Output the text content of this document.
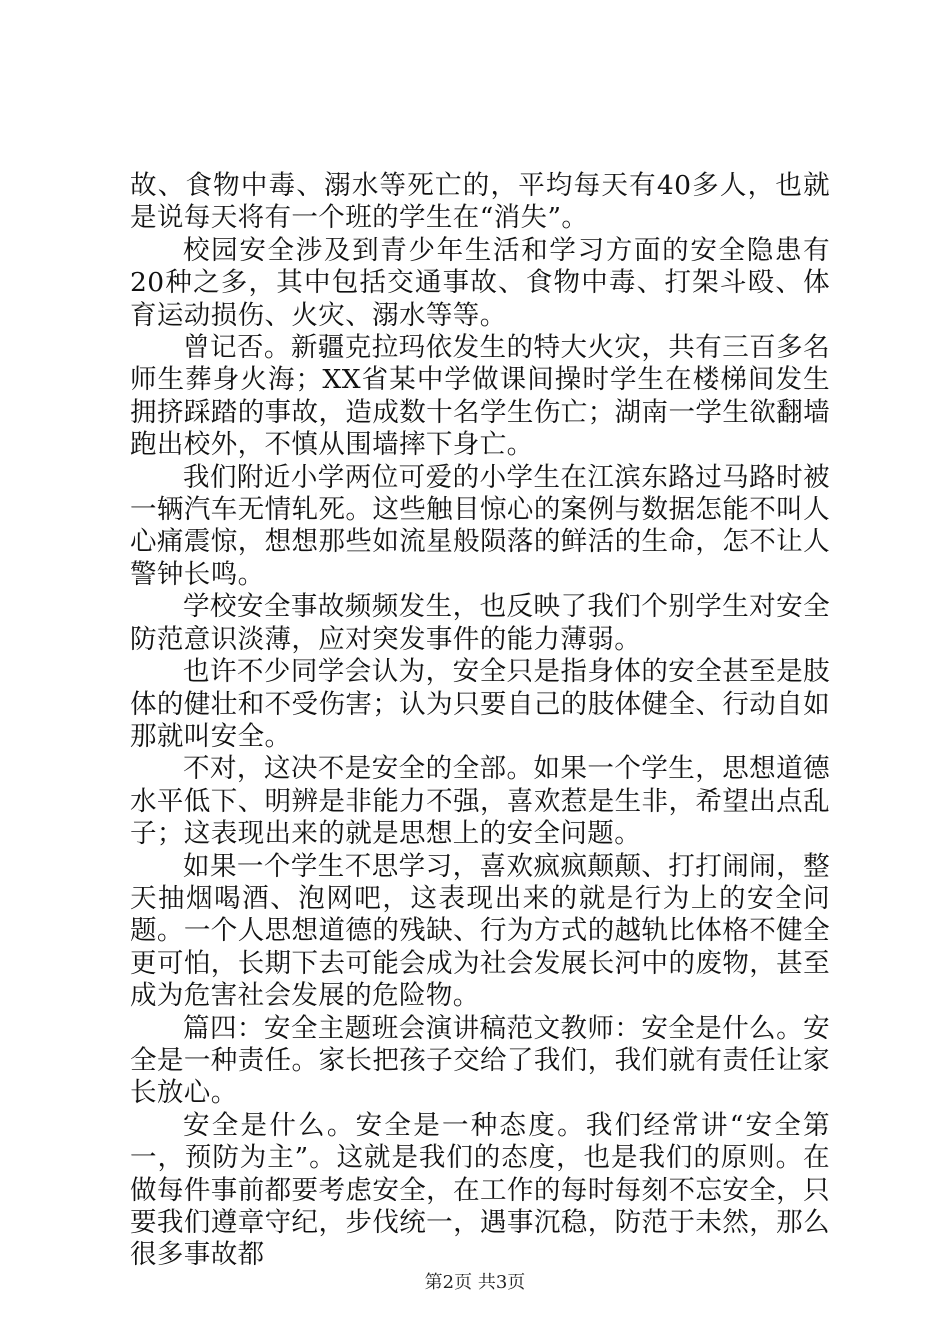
故、食物中毒、溺水等死亡的，平均每天有40多人，也就是说每天将有一个班的学生在“消失”。

校园安全涉及到青少年生活和学习方面的安全隐患有20种之多，其中包括交通事故、食物中毒、打架斗殴、体育运动损伤、火灾、溺水等等。

曾记否。新疆克拉玛依发生的特大火灾，共有三百多名师生葬身火海；XX省某中学做课间操时学生在楼梯间发生拥挤踩踏的事故，造成数十名学生伤亡；湖南一学生欲翻墙跑出校外，不慎从围墙摔下身亡。

我们附近小学两位可爱的小学生在江滨东路过马路时被一辆汽车无情轧死。这些触目惊心的案例与数据怎能不叫人心痛震惊，想想那些如流星般陨落的鲜活的生命，怎不让人警钟长鸣。

学校安全事故频频发生，也反映了我们个别学生对安全防范意识淡薄，应对突发事件的能力薄弱。

也许不少同学会认为，安全只是指身体的安全甚至是肢体的健壮和不受伤害；认为只要自己的肢体健全、行动自如那就叫安全。

不对，这决不是安全的全部。如果一个学生，思想道德水平低下、明辨是非能力不强，喜欢惹是生非，希望出点乱子；这表现出来的就是思想上的安全问题。

如果一个学生不思学习，喜欢疯疯颠颠、打打闹闹，整天抽烟喝酒、泡网吧，这表现出来的就是行为上的安全问题。一个人思想道德的残缺、行为方式的越轨比体格不健全更可怕，长期下去可能会成为社会发展长河中的废物，甚至成为危害社会发展的危险物。

篇四：安全主题班会演讲稿范文教师：安全是什么。安全是一种责任。家长把孩子交给了我们，我们就有责任让家长放心。

安全是什么。安全是一种态度。我们经常讲“安全第一，预防为主”。这就是我们的态度，也是我们的原则。在做每件事前都要考虑安全，在工作的每时每刻不忘安全，只要我们遵章守纪，步伐统一，遇事沉稳，防范于未然，那么很多事故都

第2页 共3页
